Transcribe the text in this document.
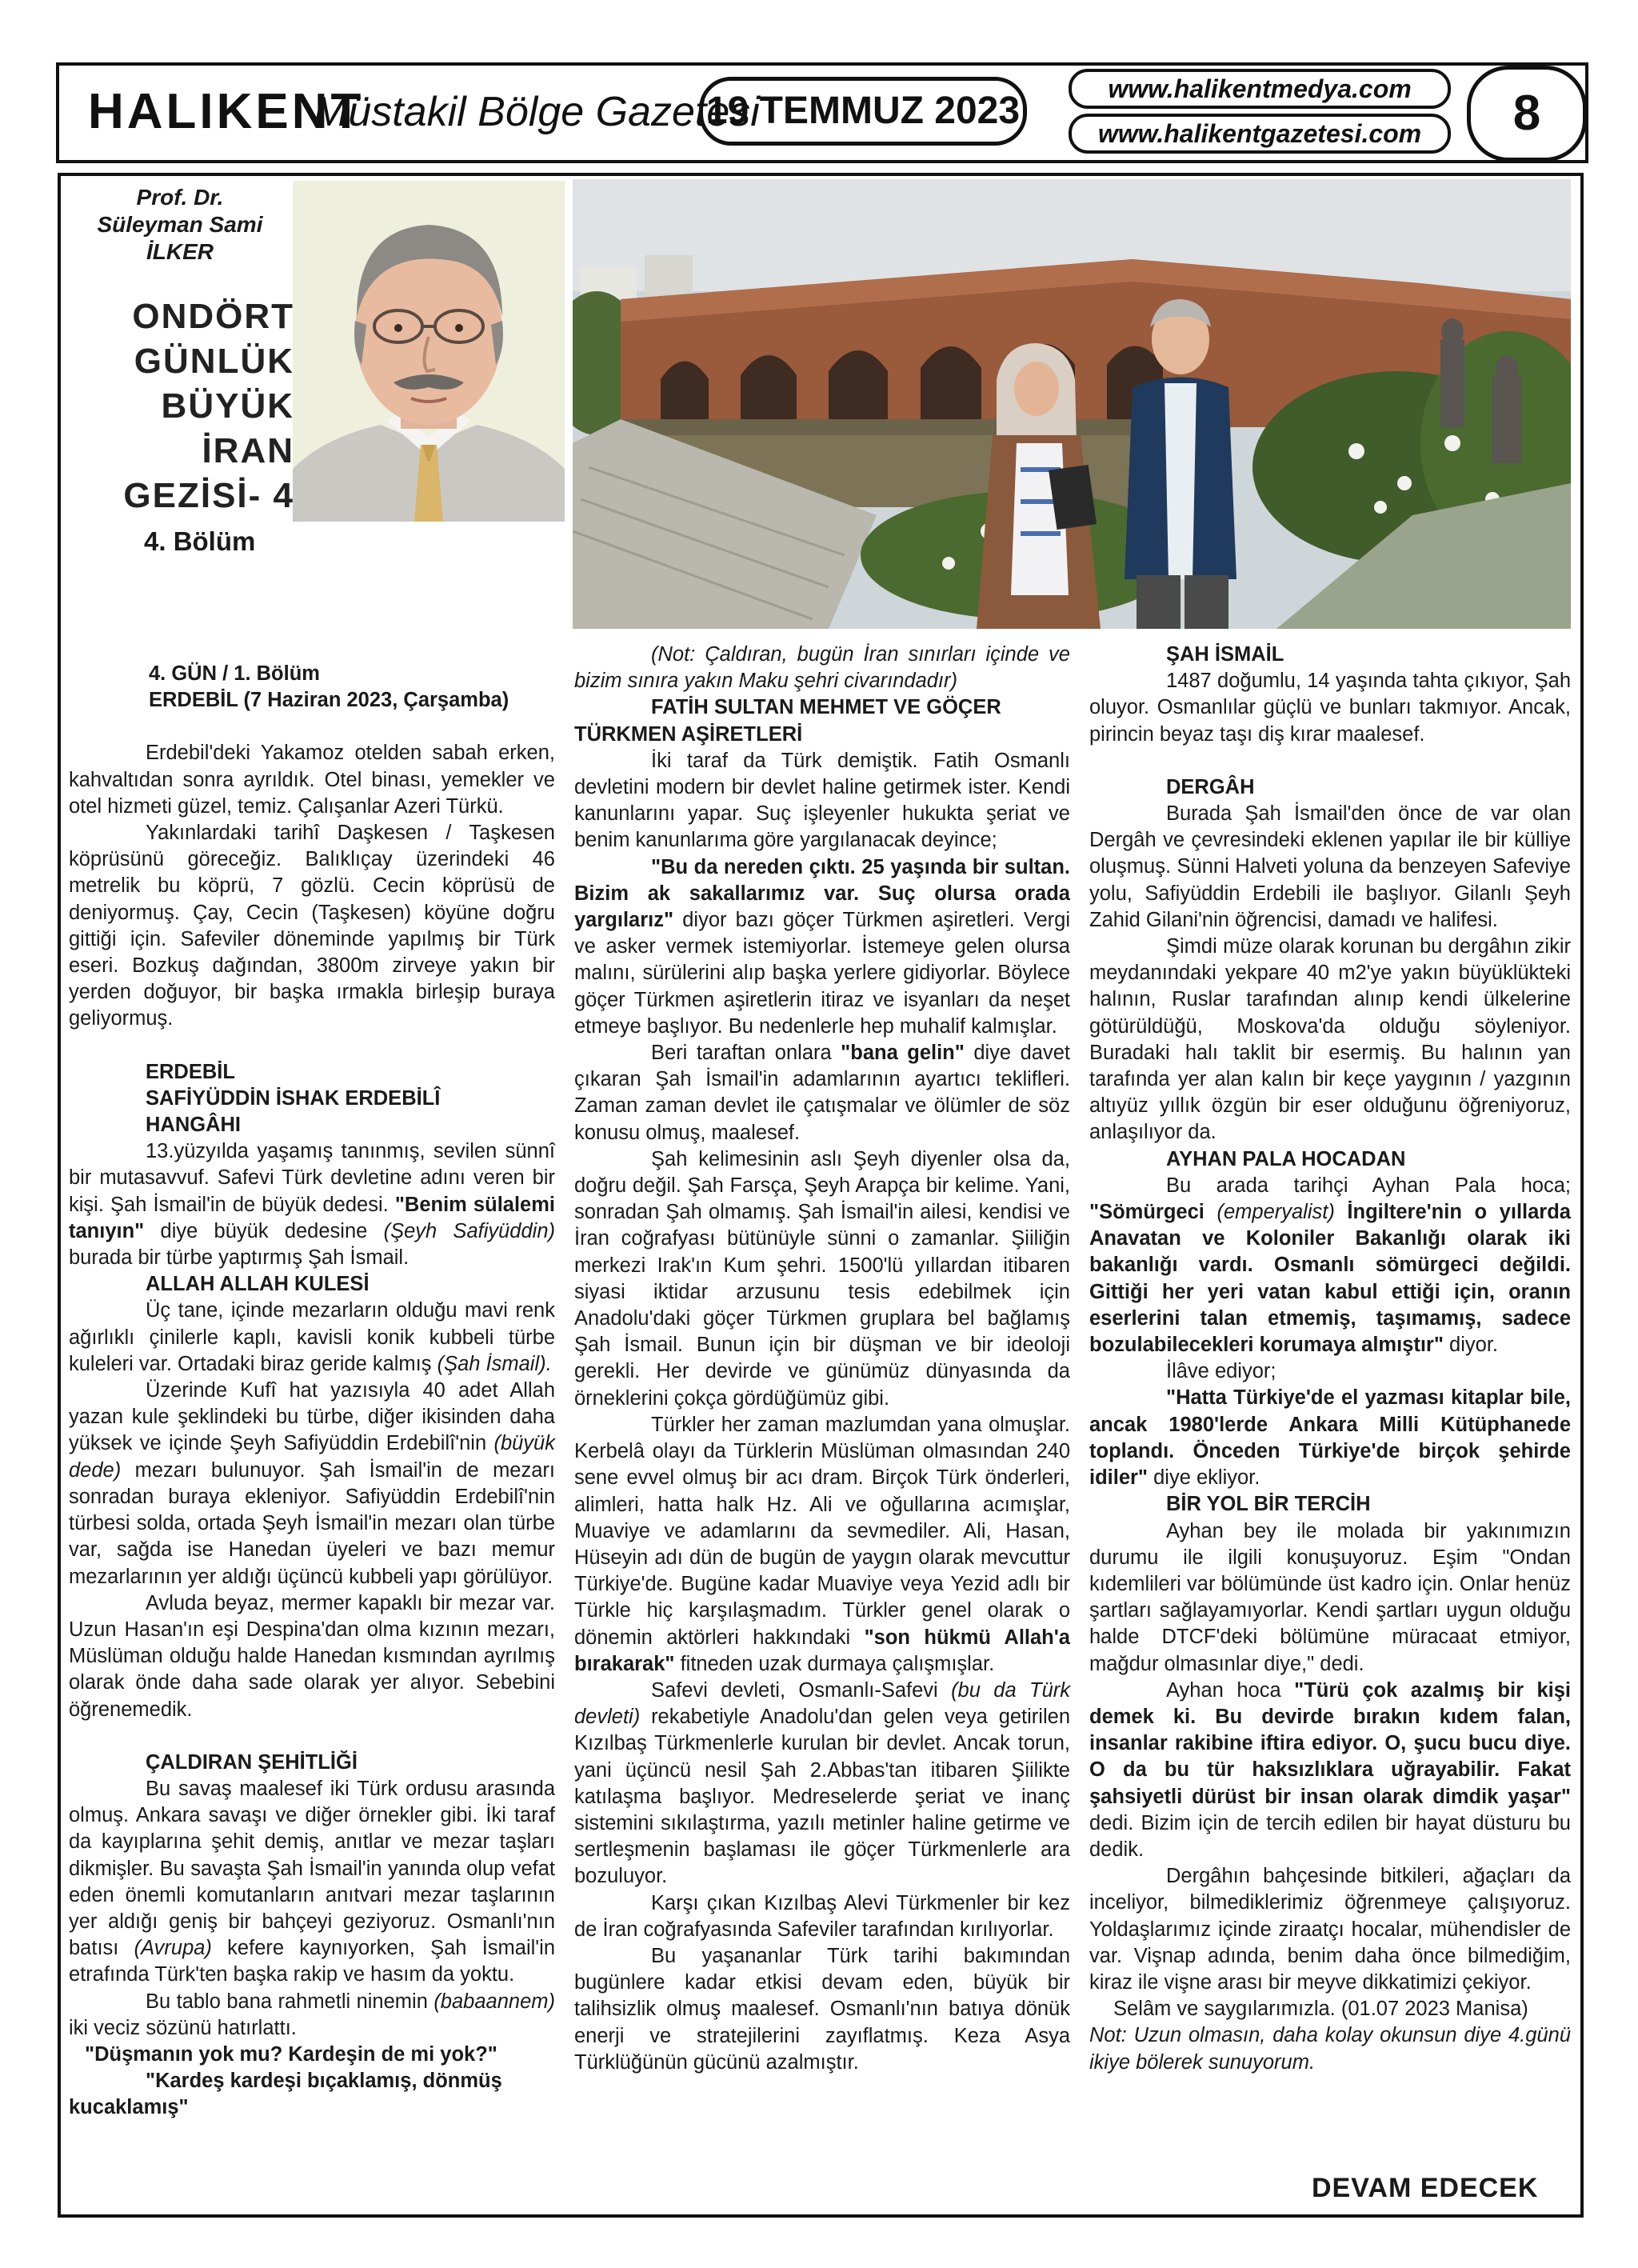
HALIKENT
Müstakil Bölge Gazetesi
19 TEMMUZ 2023
www.halikentmedya.com
www.halikentgazetesi.com	8
Prof. Dr.
Süleyman Sami
İLKER
ONDÖRT
GÜNLÜK
BÜYÜK
İRAN
GEZİSİ- 4
4. Bölüm

4. GÜN / 1. Bölüm

ERDEBİL (7 Haziran 2023, Çarşamba)

Erdebil'deki Yakamoz otelden sabah erken, kahvaltıdan sonra ayrıldık. Otel binası, yemekler ve otel hizmeti güzel, temiz. Çalışanlar Azeri Türkü.

Yakınlardaki tarihî Daşkesen / Taşkesen köprüsünü göreceğiz. Balıklıçay üzerindeki 46 metrelik bu köprü, 7 gözlü. Cecin köprüsü de deniyormuş. Çay, Cecin (Taşkesen) köyüne doğru gittiği için. Safeviler döneminde yapılmış bir Türk eseri. Bozkuş dağından, 3800m zirveye yakın bir yerden doğuyor, bir başka ırmakla birleşip buraya geliyormuş.

ERDEBİL

SAFİYÜDDİN İSHAK ERDEBİLÎ

HANGÂHI

13.yüzyılda yaşamış tanınmış, sevilen sünnî bir mutasavvuf. Safevi Türk devletine adını veren bir kişi. Şah İsmail'in de büyük dedesi. "Benim sülalemi tanıyın" diye büyük dedesine (Şeyh Safiyüddin) burada bir türbe yaptırmış Şah İsmail.

ALLAH ALLAH KULESİ

Üç tane, içinde mezarların olduğu mavi renk ağırlıklı çinilerle kaplı, kavisli konik kubbeli türbe kuleleri var. Ortadaki biraz geride kalmış (Şah İsmail).

Üzerinde Kufî hat yazısıyla 40 adet Allah yazan kule şeklindeki bu türbe, diğer ikisinden daha yüksek ve içinde Şeyh Safiyüddin Erdebilî'nin (büyük dede) mezarı bulunuyor. Şah İsmail'in de mezarı sonradan buraya ekleniyor. Safiyüddin Erdebilî'nin türbesi solda, ortada Şeyh İsmail'in mezarı olan türbe var, sağda ise Hanedan üyeleri ve bazı memur mezarlarının yer aldığı üçüncü kubbeli yapı görülüyor.

Avluda beyaz, mermer kapaklı bir mezar var. Uzun Hasan'ın eşi Despina'dan olma kızının mezarı, Müslüman olduğu halde Hanedan kısmından ayrılmış olarak önde daha sade olarak yer alıyor. Sebebini öğrenemedik.

ÇALDIRAN ŞEHİTLİĞİ

Bu savaş maalesef iki Türk ordusu arasında olmuş. Ankara savaşı ve diğer örnekler gibi. İki taraf da kayıplarına şehit demiş, anıtlar ve mezar taşları dikmişler. Bu savaşta Şah İsmail'in yanında olup vefat eden önemli komutanların anıtvari mezar taşlarının yer aldığı geniş bir bahçeyi geziyoruz. Osmanlı'nın batısı (Avrupa) kefere kaynıyorken, Şah İsmail'in etrafında Türk'ten başka rakip ve hasım da yoktu.

Bu tablo bana rahmetli ninemin (babaannem) iki veciz sözünü hatırlattı.

"Düşmanın yok mu? Kardeşin de mi yok?"

"Kardeş kardeşi bıçaklamış, dönmüş kucaklamış"

(Not: Çaldıran, bugün İran sınırları içinde ve bizim sınıra yakın Maku şehri civarındadır)

FATİH SULTAN MEHMET VE GÖÇER TÜRKMEN AŞİRETLERİ

İki taraf da Türk demiştik. Fatih Osmanlı devletini modern bir devlet haline getirmek ister. Kendi kanunlarını yapar. Suç işleyenler hukukta şeriat ve benim kanunlarıma göre yargılanacak deyince;

"Bu da nereden çıktı. 25 yaşında bir sultan. Bizim ak sakallarımız var. Suç olursa orada yargılarız" diyor bazı göçer Türkmen aşiretleri. Vergi ve asker vermek istemiyorlar. İstemeye gelen olursa malını, sürülerini alıp başka yerlere gidiyorlar. Böylece göçer Türkmen aşiretlerin itiraz ve isyanları da neşet etmeye başlıyor. Bu nedenlerle hep muhalif kalmışlar.

Beri taraftan onlara "bana gelin" diye davet çıkaran Şah İsmail'in adamlarının ayartıcı teklifleri. Zaman zaman devlet ile çatışmalar ve ölümler de söz konusu olmuş, maalesef.

Şah kelimesinin aslı Şeyh diyenler olsa da, doğru değil. Şah Farsça, Şeyh Arapça bir kelime. Yani, sonradan Şah olmamış. Şah İsmail'in ailesi, kendisi ve İran coğrafyası bütünüyle sünni o zamanlar. Şiiliğin merkezi Irak'ın Kum şehri. 1500'lü yıllardan itibaren siyasi iktidar arzusunu tesis edebilmek için Anadolu'daki göçer Türkmen gruplara bel bağlamış Şah İsmail. Bunun için bir düşman ve bir ideoloji gerekli. Her devirde ve günümüz dünyasında da örneklerini çokça gördüğümüz gibi.

Türkler her zaman mazlumdan yana olmuşlar. Kerbelâ olayı da Türklerin Müslüman olmasından 240 sene evvel olmuş bir acı dram. Birçok Türk önderleri, alimleri, hatta halk Hz. Ali ve oğullarına acımışlar, Muaviye ve adamlarını da sevmediler. Ali, Hasan, Hüseyin adı dün de bugün de yaygın olarak mevcuttur Türkiye'de. Bugüne kadar Muaviye veya Yezid adlı bir Türkle hiç karşılaşmadım. Türkler genel olarak o dönemin aktörleri hakkındaki "son hükmü Allah'a bırakarak" fitneden uzak durmaya çalışmışlar.

Safevi devleti, Osmanlı-Safevi (bu da Türk devleti) rekabetiyle Anadolu'dan gelen veya getirilen Kızılbaş Türkmenlerle kurulan bir devlet. Ancak torun, yani üçüncü nesil Şah 2.Abbas'tan itibaren Şiilikte katılaşma başlıyor. Medreselerde şeriat ve inanç sistemini sıkılaştırma, yazılı metinler haline getirme ve sertleşmenin başlaması ile göçer Türkmenlerle ara bozuluyor.

Karşı çıkan Kızılbaş Alevi Türkmenler bir kez de İran coğrafyasında Safeviler tarafından kırılıyorlar.

Bu yaşananlar Türk tarihi bakımından bugünlere kadar etkisi devam eden, büyük bir talihsizlik olmuş maalesef. Osmanlı'nın batıya dönük enerji ve stratejilerini zayıflatmış. Keza Asya Türklüğünün gücünü azalmıştır.

ŞAH İSMAİL

1487 doğumlu, 14 yaşında tahta çıkıyor, Şah oluyor. Osmanlılar güçlü ve bunları takmıyor. Ancak, pirincin beyaz taşı diş kırar maalesef.

DERGÂH

Burada Şah İsmail'den önce de var olan Dergâh ve çevresindeki eklenen yapılar ile bir külliye oluşmuş. Sünni Halveti yoluna da benzeyen Safeviye yolu, Safiyüddin Erdebili ile başlıyor. Gilanlı Şeyh Zahid Gilani'nin öğrencisi, damadı ve halifesi.

Şimdi müze olarak korunan bu dergâhın zikir meydanındaki yekpare 40 m2'ye yakın büyüklükteki halının, Ruslar tarafından alınıp kendi ülkelerine götürüldüğü, Moskova'da olduğu söyleniyor. Buradaki halı taklit bir esermiş. Bu halının yan tarafında yer alan kalın bir keçe yaygının / yazgının altıyüz yıllık özgün bir eser olduğunu öğreniyoruz, anlaşılıyor da.

AYHAN PALA HOCADAN

Bu arada tarihçi Ayhan Pala hoca; "Sömürgeci (emperyalist) İngiltere'nin o yıllarda Anavatan ve Koloniler Bakanlığı olarak iki bakanlığı vardı. Osmanlı sömürgeci değildi. Gittiği her yeri vatan kabul ettiği için, oranın eserlerini talan etmemiş, taşımamış, sadece bozulabilecekleri korumaya almıştır" diyor.

İlâve ediyor;

"Hatta Türkiye'de el yazması kitaplar bile, ancak 1980'lerde Ankara Milli Kütüphanede toplandı. Önceden Türkiye'de birçok şehirde idiler" diye ekliyor.

BİR YOL BİR TERCİH

Ayhan bey ile molada bir yakınımızın durumu ile ilgili konuşuyoruz. Eşim "Ondan kıdemlileri var bölümünde üst kadro için. Onlar henüz şartları sağlayamıyorlar. Kendi şartları uygun olduğu halde DTCF'deki bölümüne müracaat etmiyor, mağdur olmasınlar diye," dedi.

Ayhan hoca "Türü çok azalmış bir kişi demek ki. Bu devirde bırakın kıdem falan, insanlar rakibine iftira ediyor. O, şucu bucu diye. O da bu tür haksızlıklara uğrayabilir. Fakat şahsiyetli dürüst bir insan olarak dimdik yaşar" dedi. Bizim için de tercih edilen bir hayat düsturu bu dedik.

Dergâhın bahçesinde bitkileri, ağaçları da inceliyor, bilmediklerimiz öğrenmeye çalışıyoruz. Yoldaşlarımız içinde ziraatçı hocalar, mühendisler de var. Vişnap adında, benim daha önce bilmediğim, kiraz ile vişne arası bir meyve dikkatimizi çekiyor.

Selâm ve saygılarımızla. (01.07 2023 Manisa)

Not: Uzun olmasın, daha kolay okunsun diye 4.günü ikiye bölerek sunuyorum.

DEVAM EDECEK
